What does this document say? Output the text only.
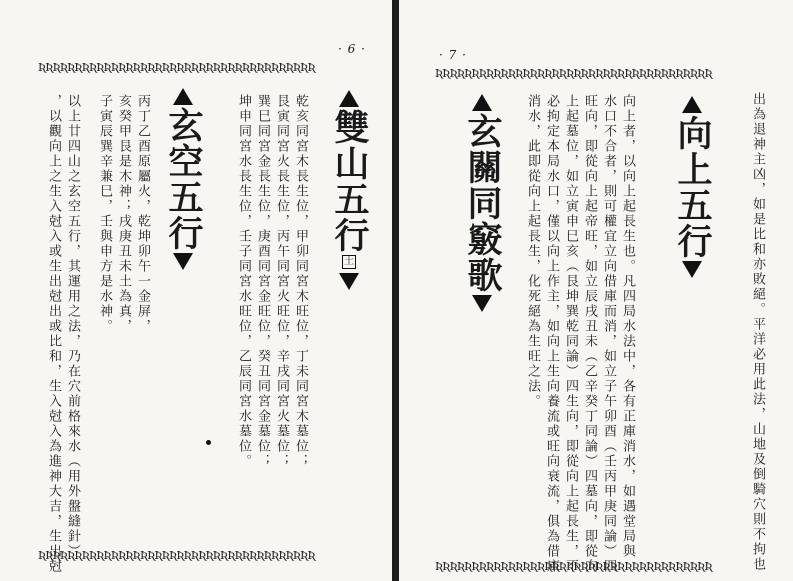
· 6 ·
ƦƦƦƦƦƦƦƦƦƦƦƦƦƦƦƦƦƦƦƦƦƦƦƦƦƦƦƦƦƦƦƦƦƦƦƦƦƦ
雙山五行
土
乾亥同宮木長生位，甲卯同宮木旺位，丁未同宮木墓位；
艮寅同宮火長生位，丙午同宮火旺位，辛戌同宮火墓位；
巽巳同宮金長生位，庚酉同宮金旺位，癸丑同宮金墓位；
坤申同宮水長生位，壬子同宮水旺位，乙辰同宮水墓位。
丙丁乙酉原屬火，乾坤卯午一金屏，
亥癸甲艮是木神；戌庚丑未土為真，
子寅辰巽辛兼巳，壬與申方是水神。	玄空五行
以上廿四山之玄空五行，其運用之法，乃在穴前格來水（用外盤縫針）
，以觀向上之生入尅入或生出尅出或比和，生入尅入為進神大吉，生出尅
ƦƦƦƦƦƦƦƦƦƦƦƦƦƦƦƦƦƦƦƦƦƦƦƦƦƦƦƦƦƦƦƦƦƦƦƦƦƦ
· 7 ·
ƦƦƦƦƦƦƦƦƦƦƦƦƦƦƦƦƦƦƦƦƦƦƦƦƦƦƦƦƦƦƦƦƦƦƦƦƦƦ
出為退神主凶，如是比和亦敗絕。平洋必用此法，山地及倒騎穴則不拘也
向上五行
向上者，以向上起長生也。凡四局水法中，各有正庫消水，如遇堂局與
水口不合者，則可權宜立向借庫而消，如立子午卯酉（壬丙甲庚同論）四
旺向，即從向上起帝旺，如立辰戌丑未（乙辛癸丁同論）四墓向，即從向
上起墓位，如立寅申巳亥（艮坤巽乾同論）四生向，即從向上起長生，不
必拘定本局水口，僅以向上作主，如向上生向養流或旺向衰流，俱為借庫
消水，此即從向上起長生，化死絕為生旺之法。
玄關同竅歌
ƦƦƦƦƦƦƦƦƦƦƦƦƦƦƦƦƦƦƦƦƦƦƦƦƦƦƦƦƦƦƦƦƦƦƦƦƦƦ
